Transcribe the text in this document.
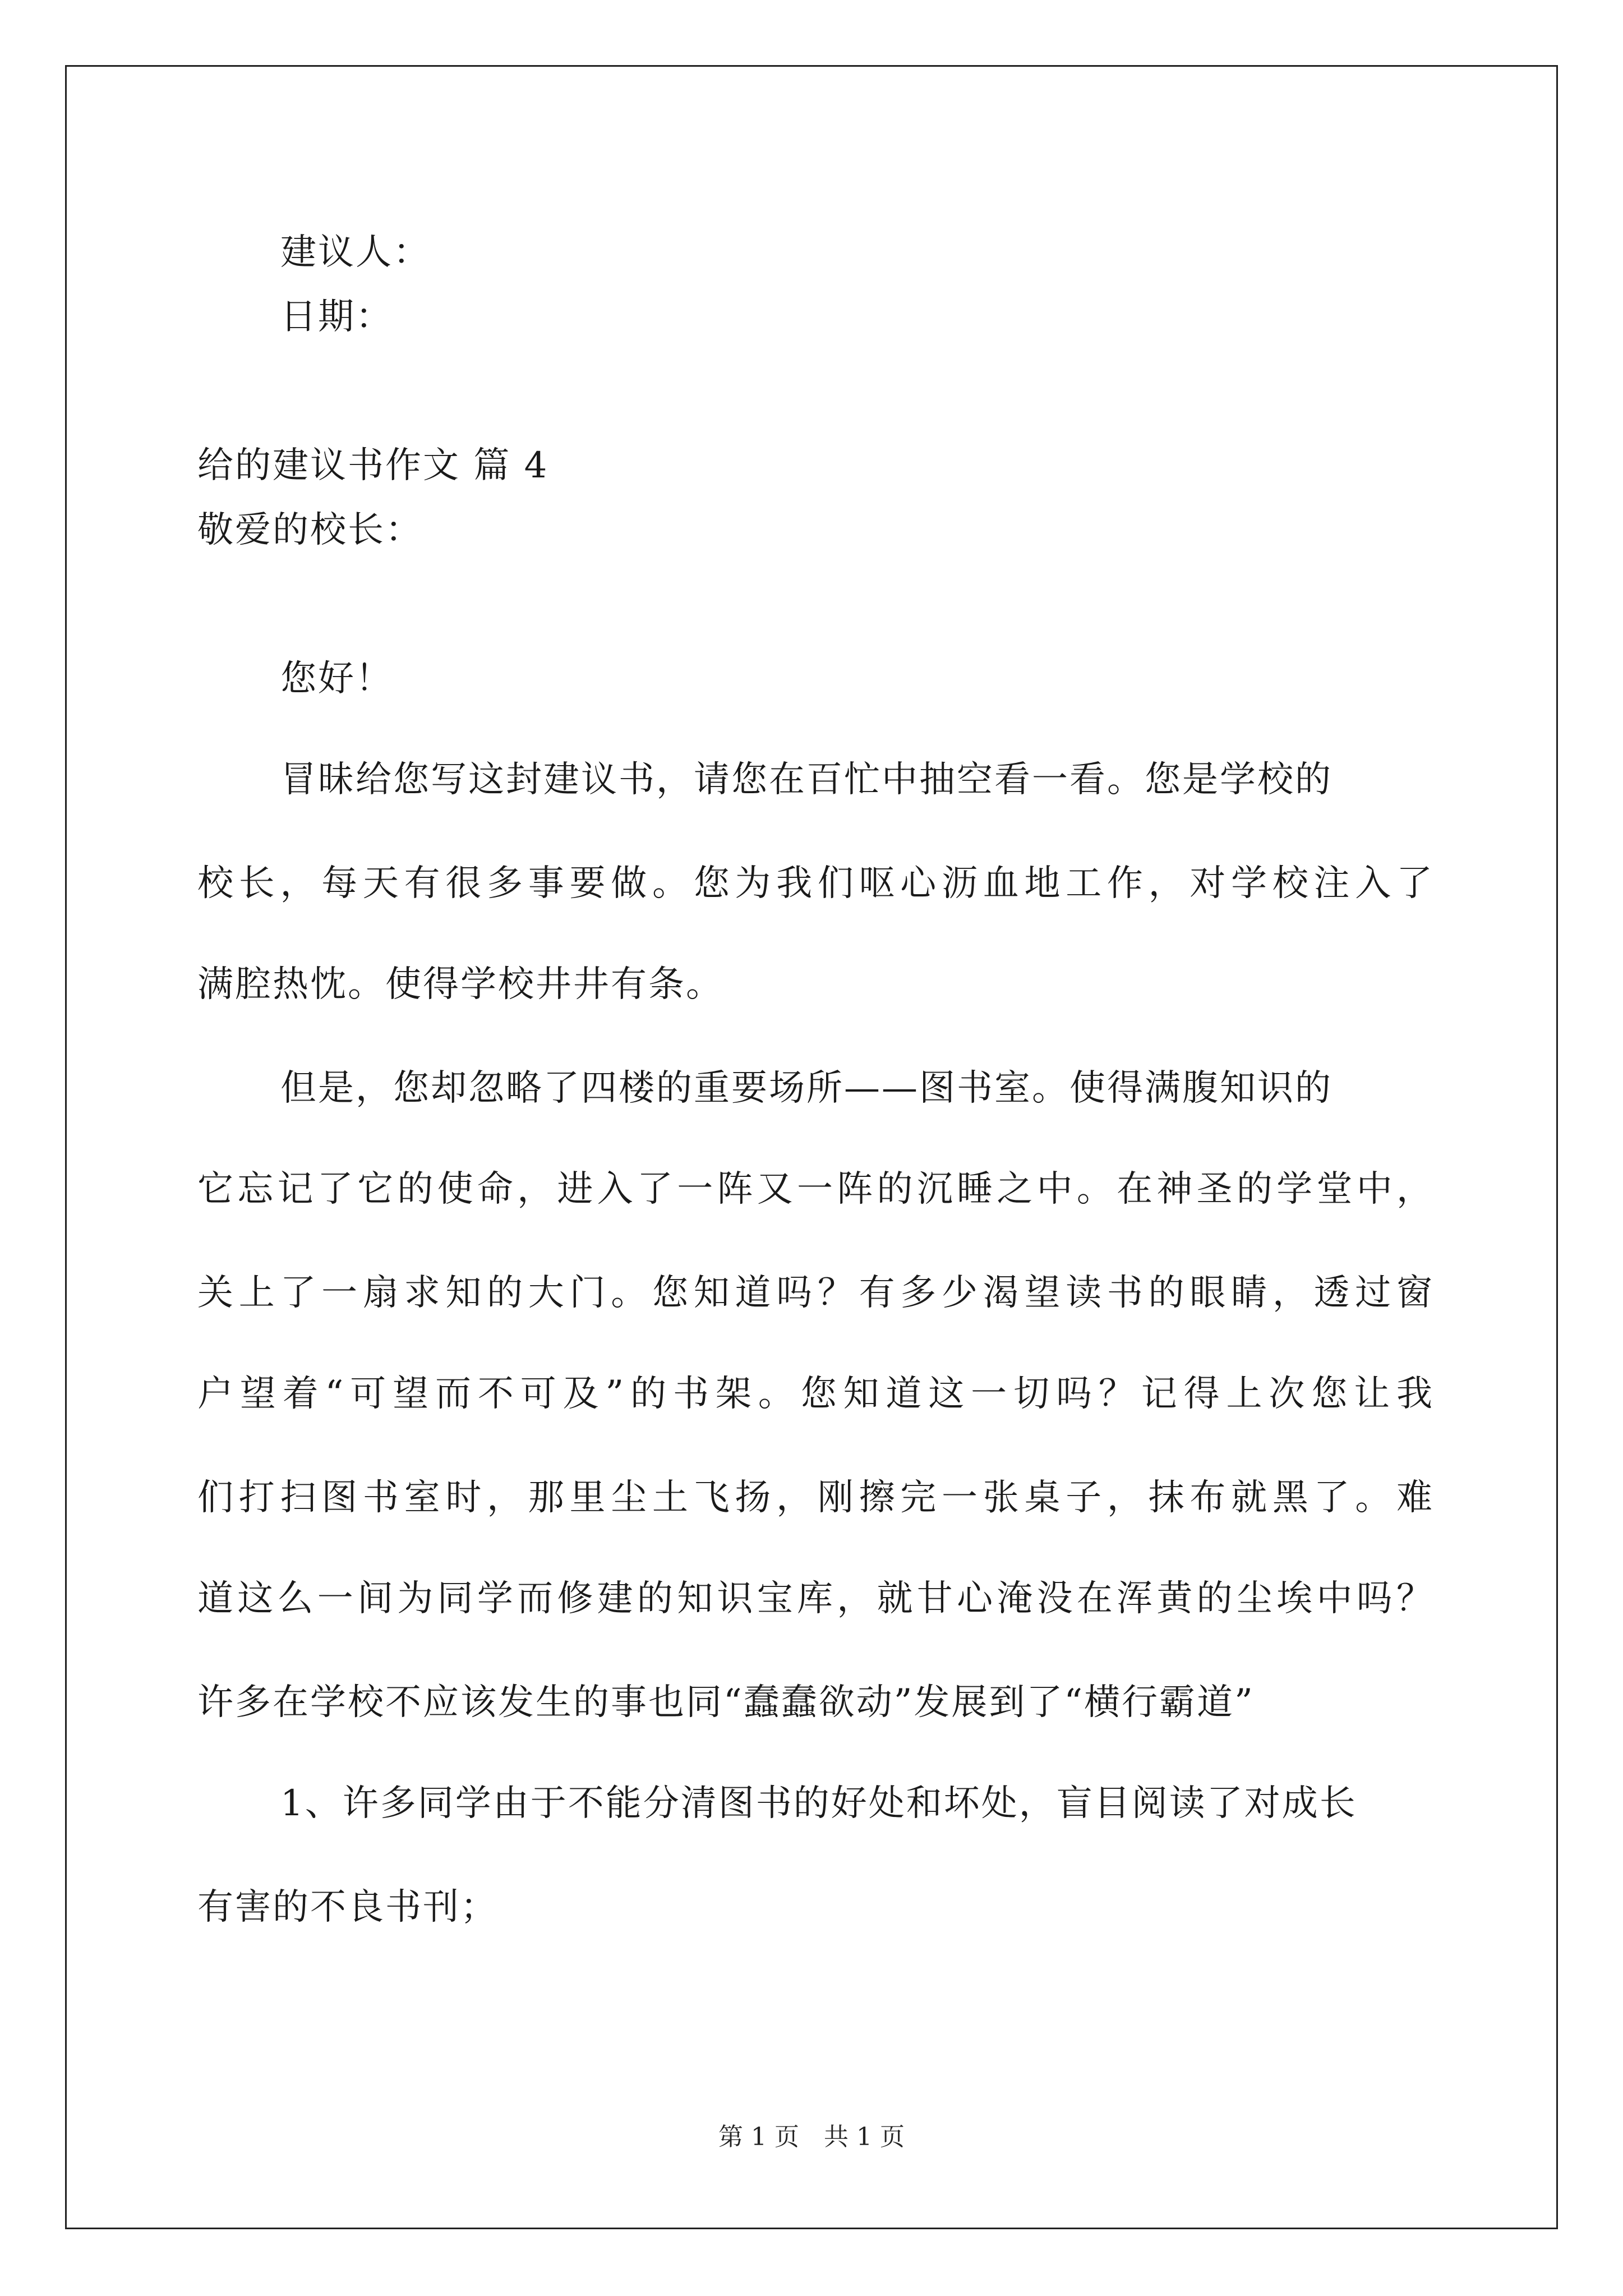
建议人：
日期：
给的建议书作文 篇 4
敬爱的校长：
您好！
冒昧给您写这封建议书，请您在百忙中抽空看一看。您是学校的
校长，每天有很多事要做。您为我们呕心沥血地工作，对学校注入了
满腔热忱。使得学校井井有条。
但是，您却忽略了四楼的重要场所——图书室。使得满腹知识的
它忘记了它的使命，进入了一阵又一阵的沉睡之中。在神圣的学堂中，
关上了一扇求知的大门。您知道吗？有多少渴望读书的眼睛，透过窗
户望着“可望而不可及”的书架。您知道这一切吗？记得上次您让我
们打扫图书室时，那里尘土飞扬，刚擦完一张桌子，抹布就黑了。难
道这么一间为同学而修建的知识宝库，就甘心淹没在浑黄的尘埃中吗？
许多在学校不应该发生的事也同“蠢蠢欲动”发展到了“横行霸道”
1、许多同学由于不能分清图书的好处和坏处，盲目阅读了对成长
有害的不良书刊；
第 1 页　共 1 页
